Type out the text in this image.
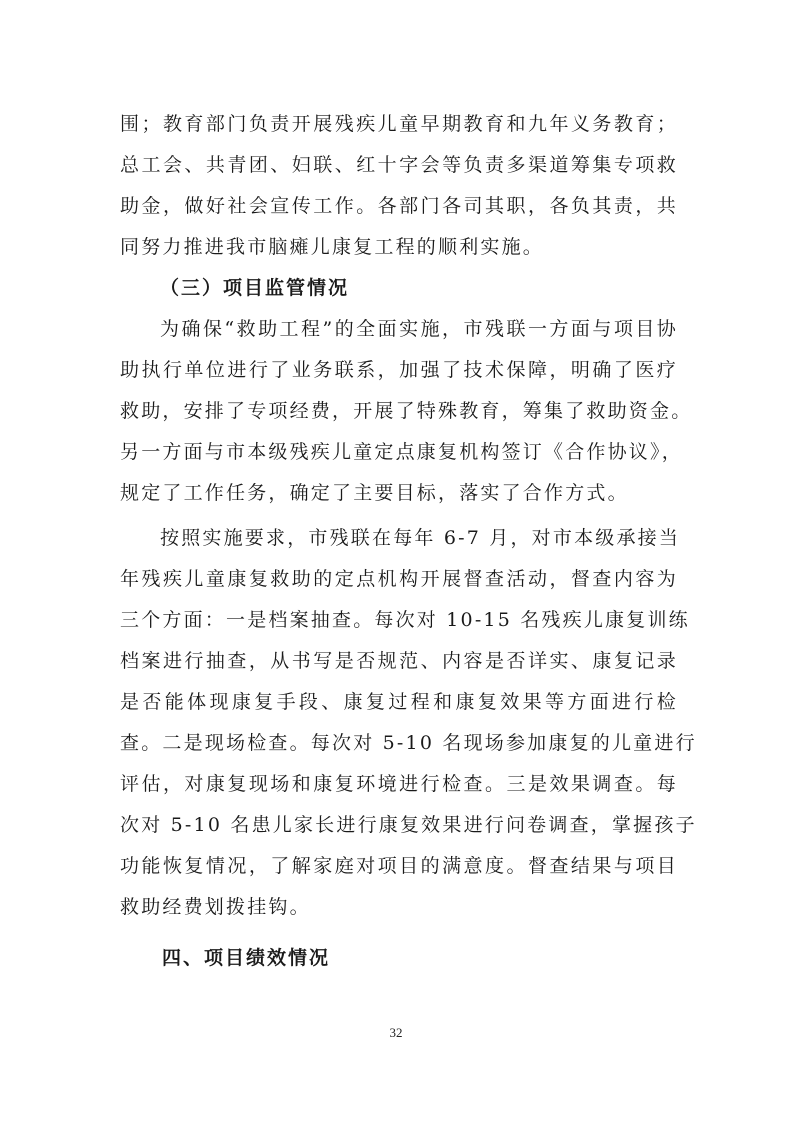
围；教育部门负责开展残疾儿童早期教育和九年义务教育；
总工会、共青团、妇联、红十字会等负责多渠道筹集专项救
助金，做好社会宣传工作。各部门各司其职，各负其责，共
同努力推进我市脑瘫儿康复工程的顺利实施。

（三）项目监管情况

为确保“救助工程”的全面实施，市残联一方面与项目协
助执行单位进行了业务联系，加强了技术保障，明确了医疗
救助，安排了专项经费，开展了特殊教育，筹集了救助资金。
另一方面与市本级残疾儿童定点康复机构签订《合作协议》，
规定了工作任务，确定了主要目标，落实了合作方式。

按照实施要求，市残联在每年 6-7 月，对市本级承接当
年残疾儿童康复救助的定点机构开展督查活动，督查内容为
三个方面：一是档案抽查。每次对 10-15 名残疾儿康复训练
档案进行抽查，从书写是否规范、内容是否详实、康复记录
是否能体现康复手段、康复过程和康复效果等方面进行检
查。二是现场检查。每次对 5-10 名现场参加康复的儿童进行
评估，对康复现场和康复环境进行检查。三是效果调查。每
次对 5-10 名患儿家长进行康复效果进行问卷调查，掌握孩子
功能恢复情况，了解家庭对项目的满意度。督查结果与项目
救助经费划拨挂钩。

四、项目绩效情况
32
